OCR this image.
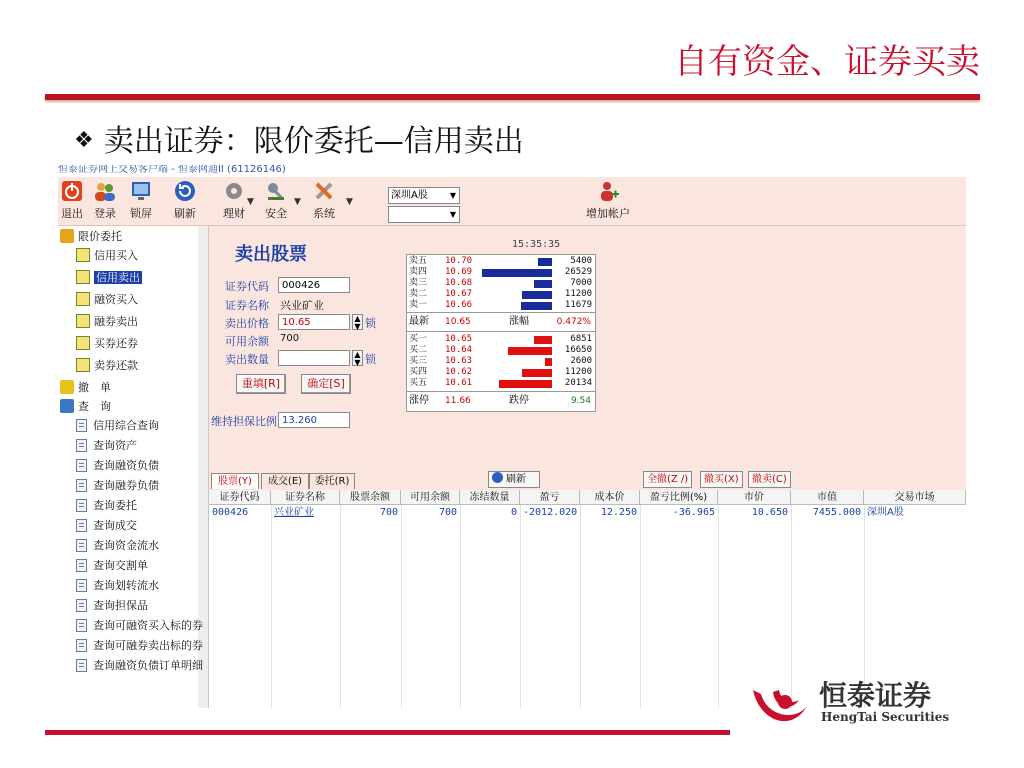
自有资金、证券买卖
❖ 卖出证券：限价委托—信用卖出
恒泰证券网上交易客户端 - 恒泰网通II (61126146)
退出	登录	锁屏	刷新	理财
▼
安全
▼
系统
▼
深圳A股	▼
▼	增加帐户
限价委托
信用买入
信用卖出
融资买入
融券卖出
买券还券
卖券还款
撤　单
查　询
信用综合查询
查询资产
查询融资负债
查询融券负债
查询委托
查询成交
查询资金流水
查询交割单
查询划转流水
查询担保品
查询可融资买入标的券
查询可融券卖出标的券
查询融资负债订单明细
卖出股票
证券代码	000426
证券名称 兴业矿业
卖出价格	10.65	▲
▼ 锁
可用余额 700
卖出数量	▲
▼ 锁
重填[R]	确定[S]
维持担保比例 13.260
15:35:35
卖五 10.70	5400
卖四 10.69	26529
卖三 10.68	7000
卖二 10.67	11200
卖一 10.66	11679
最新 10.65	涨幅	0.472%
买一 10.65	6851
买二 10.64	16650
买三 10.63	2600
买四 10.62	11200
买五 10.61	20134
涨停 11.66	跌停	9.54
股票(Y)	成交(E)	委托(R)	刷新	全撤(Z /)	撤买(X)	撤卖(C)
证券代码	证券名称	股票余额	可用余额	冻结数量	盈亏	成本价	盈亏比例(%)	市价	市值	交易市场
000426	兴业矿业	700	700	0 -2012.020	12.250	-36.965	10.650	7455.000 深圳A股
恒泰证券
HengTai Securities
